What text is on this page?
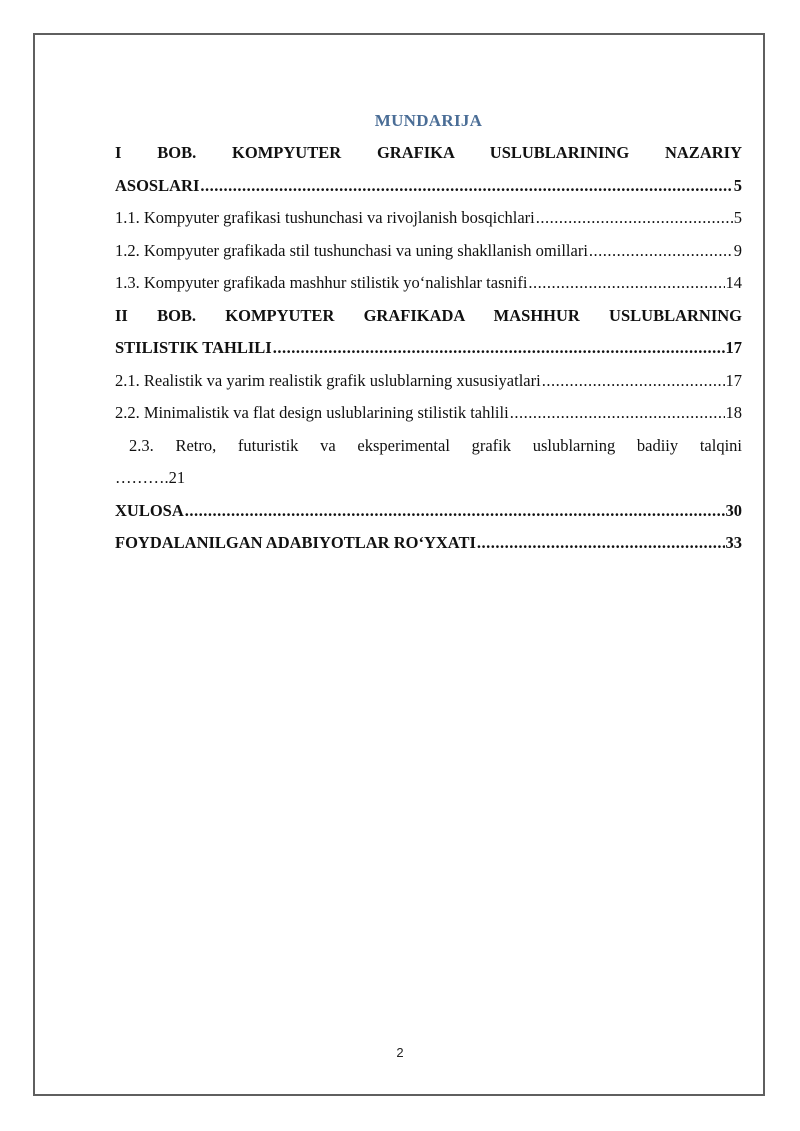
MUNDARIJA
I BOB. KOMPYUTER GRAFIKA USLUBLARINING NAZARIY
ASOSLARI .....	5
1.1. Kompyuter grafikasi tushunchasi va rivojlanish bosqichlari .....	5
1.2. Kompyuter grafikada stil tushunchasi va uning shakllanish omillari .....	9
1.3. Kompyuter grafikada mashhur stilistik yo‘nalishlar tasnifi .....	14
II BOB. KOMPYUTER GRAFIKADA MASHHUR USLUBLARNING
STILISTIK TAHLILI .....	17
2.1. Realistik va yarim realistik grafik uslublarning xususiyatlari .....	17
2.2. Minimalistik va flat design uslublarining stilistik tahlili .....	18
2.3. Retro, futuristik va eksperimental grafik uslublarning badiiy talqini
……….21
XULOSA .....	30
FOYDALANILGAN ADABIYOTLAR RO‘YXATI .....	33
2
